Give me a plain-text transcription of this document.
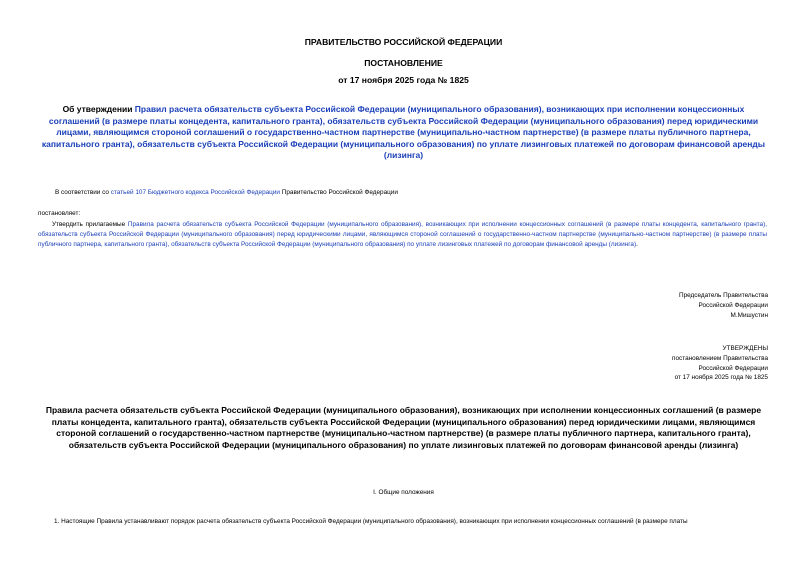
ПРАВИТЕЛЬСТВО РОССИЙСКОЙ ФЕДЕРАЦИИ
ПОСТАНОВЛЕНИЕ
от 17 ноября 2025 года № 1825
Об утверждении Правил расчета обязательств субъекта Российской Федерации (муниципального образования), возникающих при исполнении концессионных соглашений (в размере платы концедента, капитального гранта), обязательств субъекта Российской Федерации (муниципального образования) перед юридическими лицами, являющимся стороной соглашений о государственно-частном партнерстве (муниципально-частном партнерстве) (в размере платы публичного партнера, капитального гранта), обязательств субъекта Российской Федерации (муниципального образования) по уплате лизинговых платежей по договорам финансовой аренды (лизинга)
В соответствии со статьей 107 Бюджетного кодекса Российской Федерации Правительство Российской Федерации
постановляет:
Утвердить прилагаемые Правила расчета обязательств субъекта Российской Федерации (муниципального образования), возникающих при исполнении концессионных соглашений (в размере платы концедента, капитального гранта), обязательств субъекта Российской Федерации (муниципального образования) перед юридическими лицами, являющимся стороной соглашений о государственно-частном партнерстве (муниципально-частном партнерстве) (в размере платы публичного партнера, капитального гранта), обязательств субъекта Российской Федерации (муниципального образования) по уплате лизинговых платежей по договорам финансовой аренды (лизинга).
Председатель Правительства
Российской Федерации
М.Мишустин
УТВЕРЖДЕНЫ
постановлением Правительства
Российской Федерации
от 17 ноября 2025 года № 1825
Правила расчета обязательств субъекта Российской Федерации (муниципального образования), возникающих при исполнении концессионных соглашений (в размере платы концедента, капитального гранта), обязательств субъекта Российской Федерации (муниципального образования) перед юридическими лицами, являющимся стороной соглашений о государственно-частном партнерстве (муниципально-частном партнерстве) (в размере платы публичного партнера, капитального гранта), обязательств субъекта Российской Федерации (муниципального образования) по уплате лизинговых платежей по договорам финансовой аренды (лизинга)
I. Общие положения
1. Настоящие Правила устанавливают порядок расчета обязательств субъекта Российской Федерации (муниципального образования), возникающих при исполнении концессионных соглашений (в размере платы
